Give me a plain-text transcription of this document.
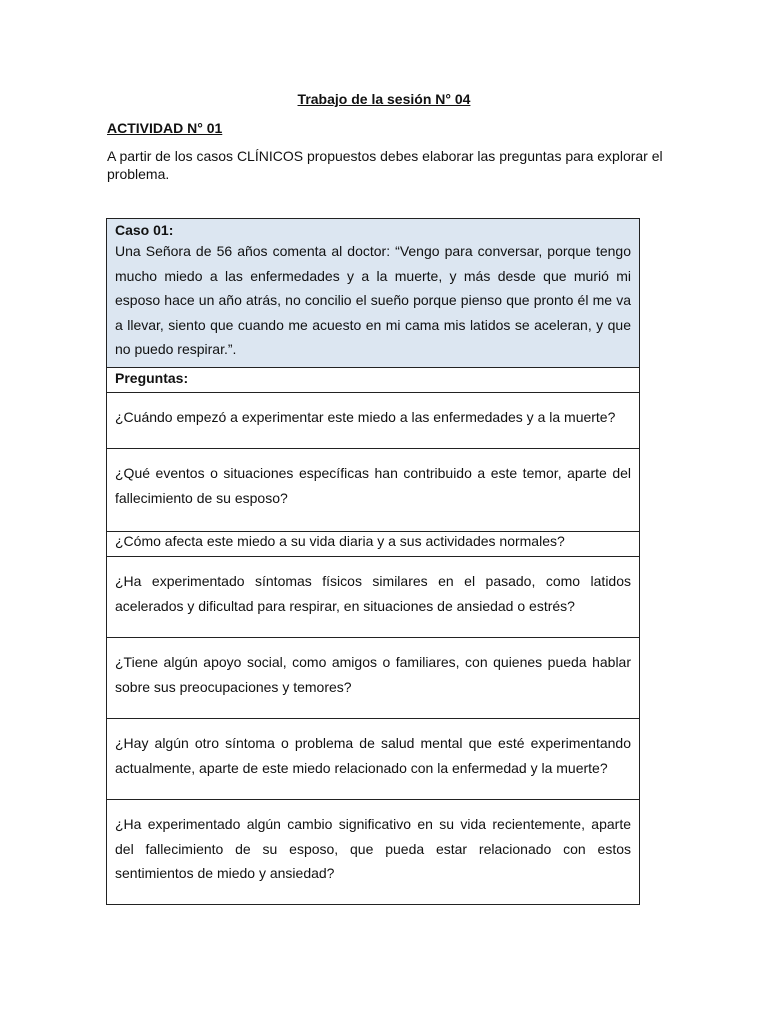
Trabajo de la sesión N° 04
ACTIVIDAD N° 01
A partir de los casos CLÍNICOS propuestos debes elaborar las preguntas para explorar el problema.
Caso 01:
Una Señora de 56 años comenta al doctor: “Vengo para conversar, porque tengo mucho miedo a las enfermedades y a la muerte, y más desde que murió mi esposo hace un año atrás, no concilio el sueño porque pienso que pronto él me va a llevar, siento que cuando me acuesto en mi cama mis latidos se aceleran, y que no puedo respirar.”.

Preguntas:
¿Cuándo empezó a experimentar este miedo a las enfermedades y a la muerte?
¿Qué eventos o situaciones específicas han contribuido a este temor, aparte del fallecimiento de su esposo?
¿Cómo afecta este miedo a su vida diaria y a sus actividades normales?
¿Ha experimentado síntomas físicos similares en el pasado, como latidos acelerados y dificultad para respirar, en situaciones de ansiedad o estrés?
¿Tiene algún apoyo social, como amigos o familiares, con quienes pueda hablar sobre sus preocupaciones y temores?
¿Hay algún otro síntoma o problema de salud mental que esté experimentando actualmente, aparte de este miedo relacionado con la enfermedad y la muerte?
¿Ha experimentado algún cambio significativo en su vida recientemente, aparte del fallecimiento de su esposo, que pueda estar relacionado con estos sentimientos de miedo y ansiedad?
